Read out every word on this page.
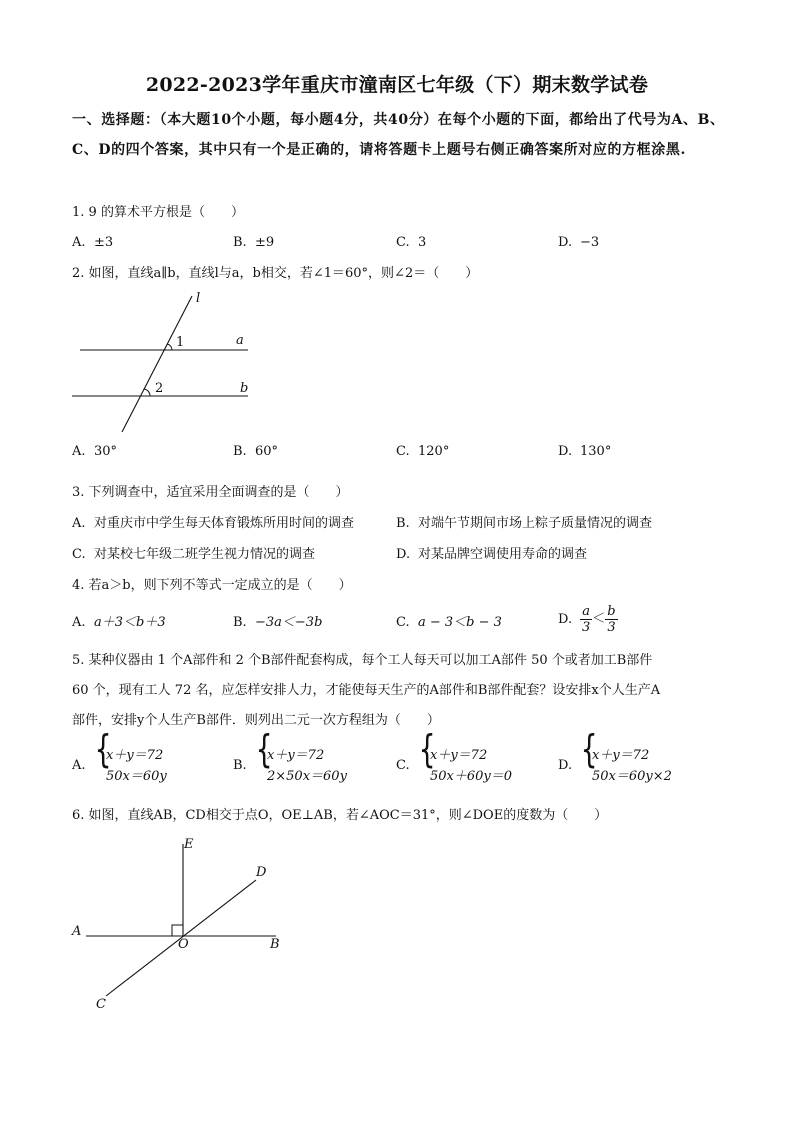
2022-2023学年重庆市潼南区七年级（下）期末数学试卷
一、选择题：（本大题10个小题，每小题4分，共40分）在每个小题的下面，都给出了代号为A、B、C、D的四个答案，其中只有一个是正确的，请将答题卡上题号右侧正确答案所对应的方框涂黑.
1. 9 的算术平方根是（　　）
A. ±3	B. ±9	C. 3	D. −3
2. 如图，直线a∥b，直线l与a，b相交，若∠1＝60°，则∠2＝（　　）
l
a
b
1
2
A. 30°	B. 60°	C. 120°	D. 130°
3. 下列调查中，适宜采用全面调查的是（　　）
A. 对重庆市中学生每天体育锻炼所用时间的调查	B. 对端午节期间市场上粽子质量情况的调查
C. 对某校七年级二班学生视力情况的调查	D. 对某品牌空调使用寿命的调查
4. 若a＞b，则下列不等式一定成立的是（　　）
A. a＋3＜b＋3	B. −3a＜−3b	C. a − 3＜b − 3	D. $\frac{a}{3} < \frac{b}{3}$
5. 某种仪器由 1 个A部件和 2 个B部件配套构成，每个工人每天可以加工A部件 50 个或者加工B部件
60 个，现有工人 72 名，应怎样安排人力，才能使每天生产的A部件和B部件配套？设安排x个人生产A
部件，安排y个人生产B部件．则列出二元一次方程组为（　　）
A.
{ x＋y＝72
50x＝60y
B.
{ x＋y＝72
2×50x＝60y
C.
{ x＋y＝72
50x＋60y＝0
D.
{ x＋y＝72
50x＝60y×2
6. 如图，直线AB，CD相交于点O，OE⊥AB，若∠AOC＝31°，则∠DOE的度数为（　　）
E
D
A
B
O
C
